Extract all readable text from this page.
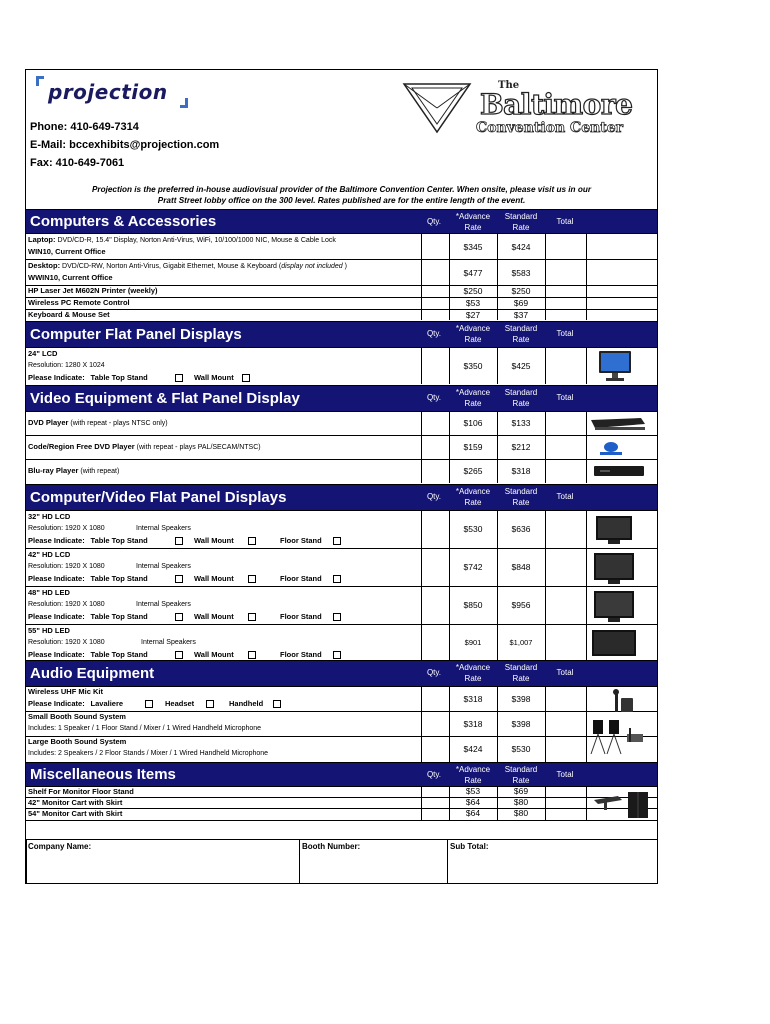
projection	The
Baltimore
Convention Center
Phone: 410-649-7314
E-Mail: bccexhibits@projection.com
Fax: 410-649-7061
Projection is the preferred in-house audiovisual provider of the Baltimore Convention Center. When onsite, please visit us in our
Pratt Street lobby office on the 300 level. Rates published are for the entire length of the event.
Computers & Accessories	Qty.
*Advance
Rate
Standard
Rate
Total
Laptop: DVD/CD-R, 15.4" Display, Norton Anti-Virus, WiFi, 10/100/1000 NIC, Mouse & Cable Lock
WIN10, Current Office	$345	$424
Desktop: DVD/CD-RW, Norton Anti-Virus, Gigabit Ethernet, Mouse & Keyboard (display not included )
WWIN10, Current Office	$477	$583
HP Laser Jet M602N Printer (weekly)	$250	$250
Wireless PC Remote Control	$53	$69
Keyboard & Mouse Set	$27	$37
Computer Flat Panel Displays	Qty.
*Advance
Rate
Standard
Rate
Total
24" LCD
Resolution: 1280 X 1024
Please Indicate: Table Top Stand	Wall Mount
$350	$425
Video Equipment & Flat Panel Display	Qty.
*Advance
Rate
Standard
Rate
Total
DVD Player (with repeat - plays NTSC only)	$106	$133
Code/Region Free DVD Player (with repeat - plays PAL/SECAM/NTSC)	$159	$212
Blu-ray Player (with repeat)	$265	$318
Computer/Video Flat Panel Displays	Qty.
*Advance
Rate
Standard
Rate
Total
32" HD LCD
Resolution: 1920 X 1080	Internal Speakers
Please Indicate: Table Top Stand	Wall Mount	Floor Stand
$530	$636
42" HD LCD
Resolution: 1920 X 1080	Internal Speakers
Please Indicate: Table Top Stand	Wall Mount	Floor Stand
$742	$848
48" HD LED
Resolution: 1920 X 1080	Internal Speakers
Please Indicate: Table Top Stand	Wall Mount	Floor Stand
$850	$956
55" HD LED
Resolution: 1920 X 1080	Internal Speakers
Please Indicate: Table Top Stand	Wall Mount	Floor Stand
$901	$1,007
Audio Equipment	Qty.
*Advance
Rate
Standard
Rate
Total
Wireless UHF Mic Kit
Please Indicate: Lavaliere	Headset	Handheld	$318	$398
Small Booth Sound System
Includes: 1 Speaker / 1 Floor Stand / Mixer / 1 Wired Handheld Microphone	$318	$398
Large Booth Sound System
Includes: 2 Speakers / 2 Floor Stands / Mixer / 1 Wired Handheld Microphone	$424	$530
Miscellaneous Items	Qty.
*Advance
Rate
Standard
Rate
Total
Shelf For Monitor Floor Stand	$53	$69
42" Monitor Cart with Skirt	$64	$80
54" Monitor Cart with Skirt	$64	$80
Company Name:	Booth Number:	Sub Total:
